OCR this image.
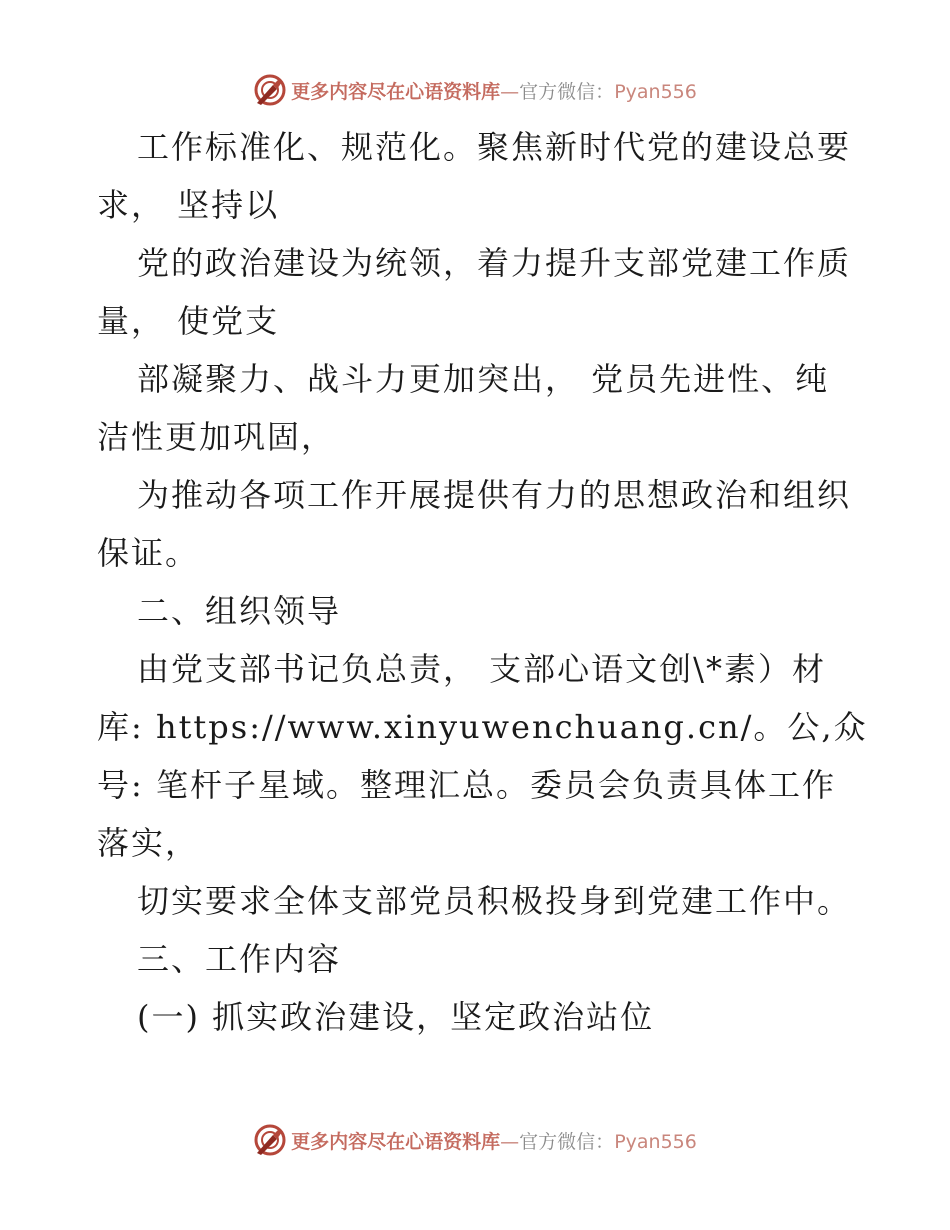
更多内容尽在心语资料库—官方微信：Pyan556
工作标准化、规范化。聚焦新时代党的建设总要
求， 坚持以
党的政治建设为统领，着力提升支部党建工作质
量， 使党支
部凝聚力、战斗力更加突出， 党员先进性、纯
洁性更加巩固，
为推动各项工作开展提供有力的思想政治和组织
保证。
二、组织领导
由党支部书记负总责， 支部心语文创\*素）材
库: https://www.xinyuwenchuang.cn/。公,众
号: 笔杆子星域。整理汇总。委员会负责具体工作
落实，
切实要求全体支部党员积极投身到党建工作中。
三、工作内容
(一) 抓实政治建设，坚定政治站位
更多内容尽在心语资料库—官方微信：Pyan556
